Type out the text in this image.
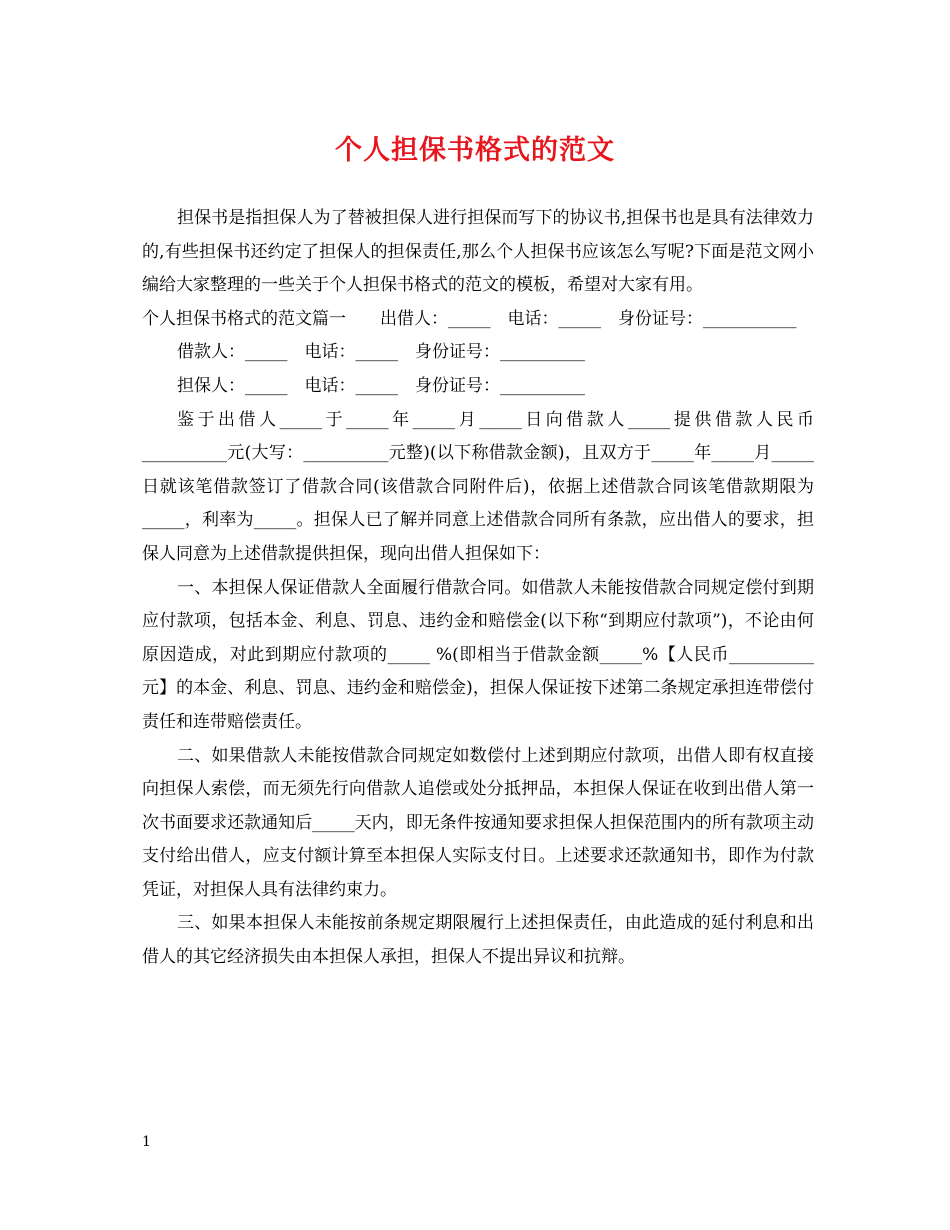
个人担保书格式的范文

担保书是指担保人为了替被担保人进行担保而写下的协议书,担保书也是具有法律效力的,有些担保书还约定了担保人的担保责任,那么个人担保书应该怎么写呢?下面是范文网小编给大家整理的一些关于个人担保书格式的范文的模板，希望对大家有用。

个人担保书格式的范文篇一　　出借人：_____　电话：_____　身份证号：___________

借款人：_____　电话：_____　身份证号：__________

担保人：_____　电话：_____　身份证号：__________

鉴于出借人_____于_____年_____月_____日向借款人_____提供借款人民币__________元(大写：__________元整)(以下称借款金额)，且双方于_____年_____月_____日就该笔借款签订了借款合同(该借款合同附件后)，依据上述借款合同该笔借款期限为_____，利率为_____。担保人已了解并同意上述借款合同所有条款，应出借人的要求，担保人同意为上述借款提供担保，现向出借人担保如下：

一、本担保人保证借款人全面履行借款合同。如借款人未能按借款合同规定偿付到期应付款项，包括本金、利息、罚息、违约金和赔偿金(以下称“到期应付款项”)，不论由何原因造成，对此到期应付款项的_____ %(即相当于借款金额_____%【人民币__________元】的本金、利息、罚息、违约金和赔偿金)，担保人保证按下述第二条规定承担连带偿付责任和连带赔偿责任。

二、如果借款人未能按借款合同规定如数偿付上述到期应付款项，出借人即有权直接向担保人索偿，而无须先行向借款人追偿或处分抵押品，本担保人保证在收到出借人第一次书面要求还款通知后_____天内，即无条件按通知要求担保人担保范围内的所有款项主动支付给出借人，应支付额计算至本担保人实际支付日。上述要求还款通知书，即作为付款凭证，对担保人具有法律约束力。

三、如果本担保人未能按前条规定期限履行上述担保责任，由此造成的延付利息和出借人的其它经济损失由本担保人承担，担保人不提出异议和抗辩。

1
